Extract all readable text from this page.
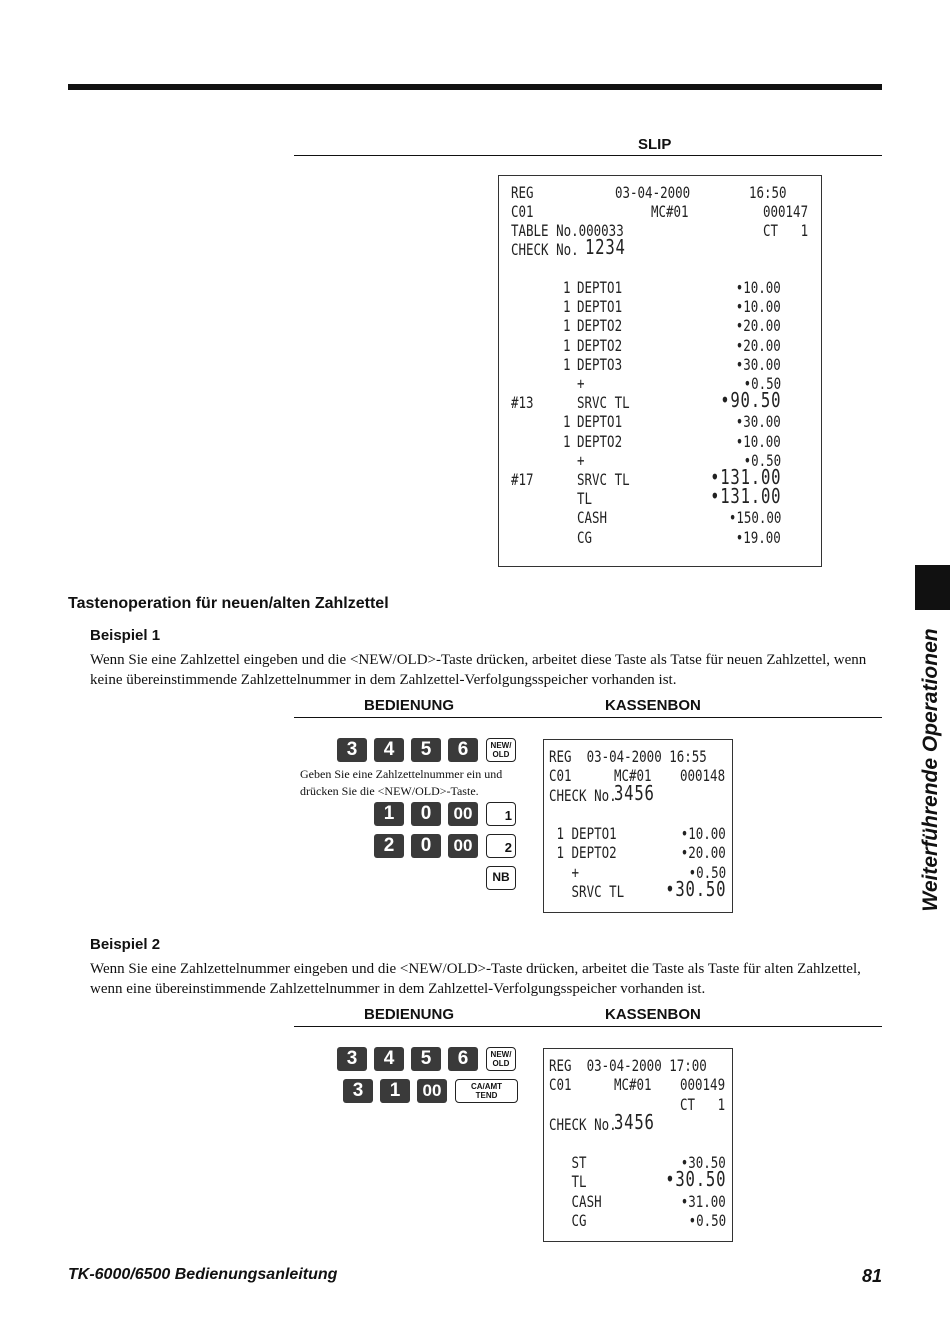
SLIP
REG	03-04-2000	16:50
C01	MC#01	000147
TABLE No.000033	CT   1
CHECK No. 1234
1 DEPTO1	•10.00
1 DEPTO1	•10.00
1 DEPTO2	•20.00
1 DEPTO2	•20.00
1 DEPTO3	•30.00
+	•0.50
#13	SRVC TL	•90.50
1 DEPTO1	•30.00
1 DEPTO2	•10.00
+	•0.50
#17	SRVC TL	•131.00
TL	•131.00
CASH	•150.00
CG	•19.00
Tastenoperation für neuen/alten Zahlzettel
Beispiel 1
Wenn Sie eine Zahlzettel eingeben und die <NEW/OLD>-Taste drücken, arbeitet diese Taste als Tatse für neuen Zahlzettel, wenn keine übereinstimmende Zahlzettelnummer in dem Zahlzettel-Verfolgungsspeicher vorhanden ist.
BEDIENUNG	KASSENBON
3	4	5	6	NEW/
OLD
Geben Sie eine Zahlzettelnummer ein und drücken Sie die <NEW/OLD>-Taste.
1	0	00	1
2	0	00	2
NB
REG  03-04-2000 16:55
C01	MC#01 000148
CHECK No.
3456
1 DEPTO1	•10.00
1 DEPTO2	•20.00
+	•0.50
SRVC TL •30.50
Beispiel 2
Wenn Sie eine Zahlzettelnummer eingeben und die <NEW/OLD>-Taste drücken, arbeitet die Taste als Taste für alten Zahlzettel, wenn eine übereinstimmende Zahlzettelnummer in dem Zahlzettel-Verfolgungsspeicher vorhanden ist.
BEDIENUNG	KASSENBON
3	4	5	6	NEW/
OLD
3	1	00	CA/AMT
TEND
REG  03-04-2000 17:00
C01	MC#01 000149
CT   1
CHECK No.
3456
ST	•30.50
TL	•30.50
CASH	•31.00
CG	•0.50
Weiterführende Operationen
TK-6000/6500 Bedienungsanleitung	81
